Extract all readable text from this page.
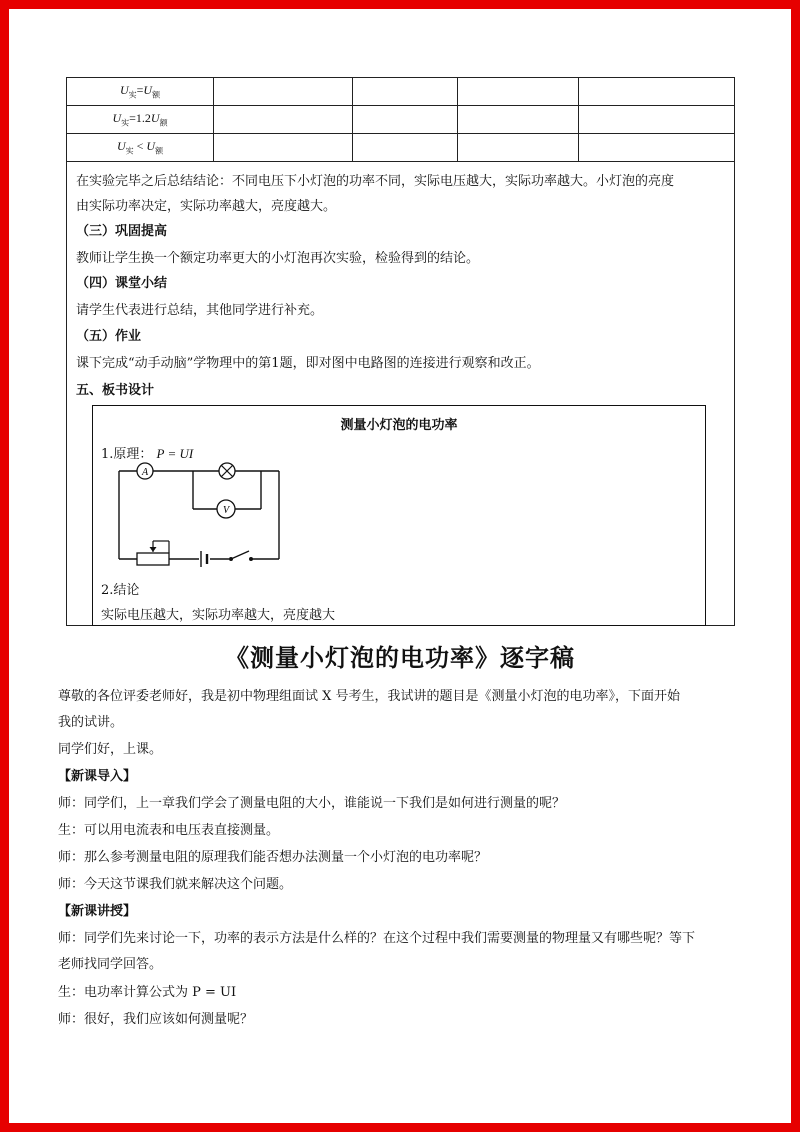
$U_实=U_额$				
$U_实=1.2U_额$				
$U_实 < U_额$				

在实验完毕之后总结结论：不同电压下小灯泡的功率不同，实际电压越大，实际功率越大。小灯泡的亮度

由实际功率决定，实际功率越大，亮度越大。

（三）巩固提高

教师让学生换一个额定功率更大的小灯泡再次实验，检验得到的结论。

（四）课堂小结

请学生代表进行总结，其他同学进行补充。

（五）作业

课下完成“动手动脑”学物理中的第1题，即对图中电路图的连接进行观察和改正。

五、板书设计

测量小灯泡的电功率
1.原理： P = UI
A
V
2.结论
实际电压越大，实际功率越大，亮度越大
《测量小灯泡的电功率》逐字稿

尊敬的各位评委老师好，我是初中物理组面试 X 号考生，我试讲的题目是《测量小灯泡的电功率》，下面开始

我的试讲。

同学们好，上课。

【新课导入】

师：同学们，上一章我们学会了测量电阻的大小，谁能说一下我们是如何进行测量的呢？

生：可以用电流表和电压表直接测量。

师：那么参考测量电阻的原理我们能否想办法测量一个小灯泡的电功率呢？

师：今天这节课我们就来解决这个问题。

【新课讲授】

师：同学们先来讨论一下，功率的表示方法是什么样的？在这个过程中我们需要测量的物理量又有哪些呢？等下

老师找同学回答。

生：电功率计算公式为 P = UI

师：很好，我们应该如何测量呢？
